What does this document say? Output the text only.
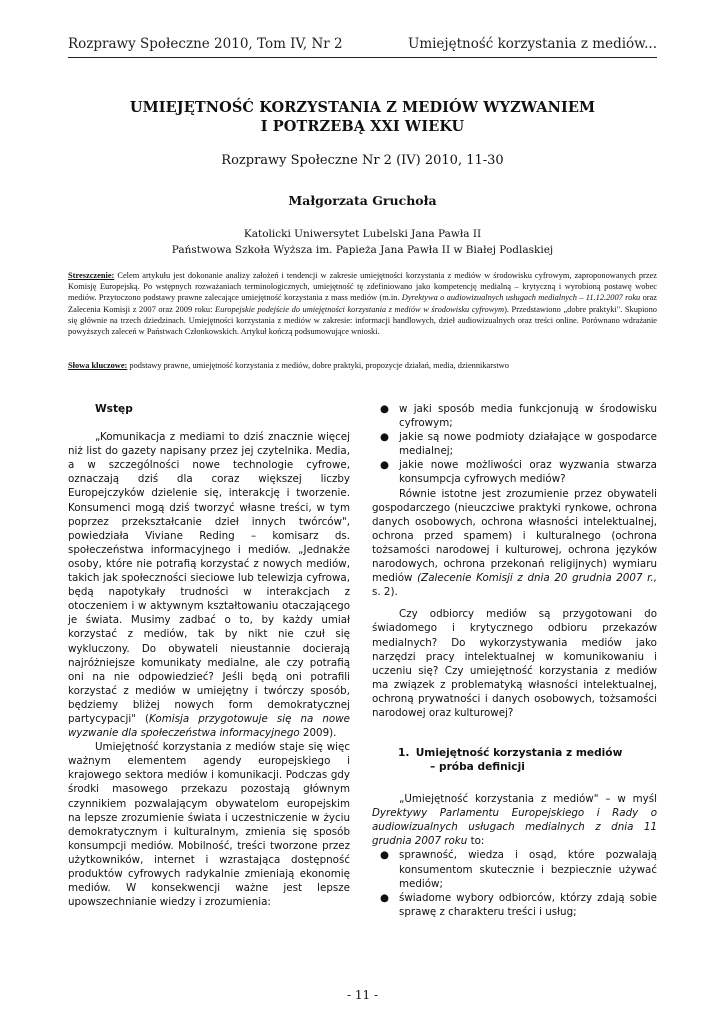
Rozprawy Społeczne 2010, Tom IV, Nr 2	Umiejętność korzystania z mediów...
UMIEJĘTNOŚĆ KORZYSTANIA Z MEDIÓW WYZWANIEM
I POTRZEBĄ XXI WIEKU
Rozprawy Społeczne Nr 2 (IV) 2010, 11-30
Małgorzata Gruchoła
Katolicki Uniwersytet Lubelski Jana Pawła II
Państwowa Szkoła Wyższa im. Papieża Jana Pawła II w Białej Podlaskiej
Streszczenie: Celem artykułu jest dokonanie analizy założeń i tendencji w zakresie umiejętności korzystania z mediów w środowisku cyfrowym, zaproponowanych przez Komisję Europejską. Po wstępnych rozważaniach terminologicznych, umiejętność tę zdefiniowano jako kompetencję medialną – krytyczną i wyrobioną postawę wobec mediów. Przytoczono podstawy prawne zalecające umiejętność korzystania z mass mediów (m.in. Dyrektywa o audiowizualnych usługach medialnych – 11.12.2007 roku oraz Zalecenia Komisji z 2007 oraz 2009 roku: Europejskie podejście do umiejętności korzystania z mediów w środowisku cyfrowym). Przedstawiono „dobre praktyki". Skupiono się głównie na trzech dziedzinach. Umiejętności korzystania z mediów w zakresie: informacji handlowych, dzieł audiowizualnych oraz treści online. Porównano wdrażanie powyższych zaleceń w Państwach Członkowskich. Artykuł kończą podsumowujące wnioski.
Słowa kluczowe: podstawy prawne, umiejętność korzystania z mediów, dobre praktyki, propozycje działań, media, dziennikarstwo
Wstęp

„Komunikacja z mediami to dziś znacznie więcej niż list do gazety napisany przez jej czytelnika. Media, a w szczególności nowe technologie cyfrowe, oznaczają dziś dla coraz większej liczby Europejczyków dzielenie się, interakcję i tworzenie. Konsumenci mogą dziś tworzyć własne treści, w tym poprzez przekształcanie dzieł innych twórców", powiedziała Viviane Reding – komisarz ds. społeczeństwa informacyjnego i mediów. „Jednakże osoby, które nie potrafią korzystać z nowych mediów, takich jak społeczności sieciowe lub telewizja cyfrowa, będą napotykały trudności w interakcjach z otoczeniem i w aktywnym kształtowaniu otaczającego je świata. Musimy zadbać o to, by każdy umiał korzystać z mediów, tak by nikt nie czuł się wykluczony. Do obywateli nieustannie docierają najróżniejsze komunikaty medialne, ale czy potrafią oni na nie odpowiedzieć? Jeśli będą oni potrafili korzystać z mediów w umiejętny i twórczy sposób, będziemy bliżej nowych form demokratycznej partycypacji" (Komisja przygotowuje się na nowe wyzwanie dla społeczeństwa informacyjnego 2009).

Umiejętność korzystania z mediów staje się więc ważnym elementem agendy europejskiego i krajowego sektora mediów i komunikacji. Podczas gdy środki masowego przekazu pozostają głównym czynnikiem pozwalającym obywatelom europejskim na lepsze zrozumienie świata i uczestniczenie w życiu demokratycznym i kulturalnym, zmienia się sposób konsumpcji mediów. Mobilność, treści tworzone przez użytkowników, internet i wzrastająca dostępność produktów cyfrowych radykalnie zmieniają ekonomię mediów. W konsekwencji ważne jest lepsze upowszechnianie wiedzy i zrozumienia:

● w jaki sposób media funkcjonują w środowisku cyfrowym;
● jakie są nowe podmioty działające w gospodarce medialnej;
● jakie nowe możliwości oraz wyzwania stwarza konsumpcja cyfrowych mediów?

Równie istotne jest zrozumienie przez obywateli gospodarczego (nieuczciwe praktyki rynkowe, ochrona danych osobowych, ochrona własności intelektualnej, ochrona przed spamem) i kulturalnego (ochrona tożsamości narodowej i kulturowej, ochrona języków narodowych, ochrona przekonań religijnych) wymiaru mediów (Zalecenie Komisji z dnia 20 grudnia 2007 r., s. 2).

Czy odbiorcy mediów są przygotowani do świadomego i krytycznego odbioru przekazów medialnych? Do wykorzystywania mediów jako narzędzi pracy intelektualnej w komunikowaniu i uczeniu się? Czy umiejętność korzystania z mediów ma związek z problematyką własności intelektualnej, ochroną prywatności i danych osobowych, tożsamości narodowej oraz kulturowej?

1. Umiejętność korzystania z mediów
– próba definicji

„Umiejętność korzystania z mediów" – w myśl Dyrektywy Parlamentu Europejskiego i Rady o audiowizualnych usługach medialnych z dnia 11 grudnia 2007 roku to:

● sprawność, wiedza i osąd, które pozwalają konsumentom skutecznie i bezpiecznie używać mediów;
● świadome wybory odbiorców, którzy zdają sobie sprawę z charakteru treści i usług;
- 11 -
